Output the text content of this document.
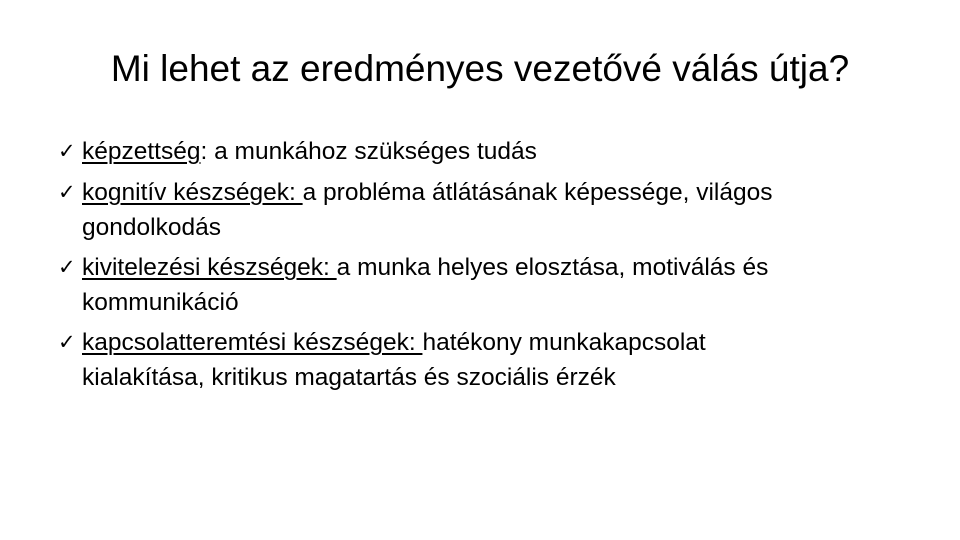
Mi lehet az eredményes vezetővé válás útja?
✓ képzettség: a munkához szükséges tudás
✓ kognitív készségek: a probléma átlátásának képessége, világos
gondolkodás
✓ kivitelezési készségek: a munka helyes elosztása, motiválás és
kommunikáció
✓ kapcsolatteremtési készségek: hatékony munkakapcsolat
kialakítása, kritikus magatartás és szociális érzék
